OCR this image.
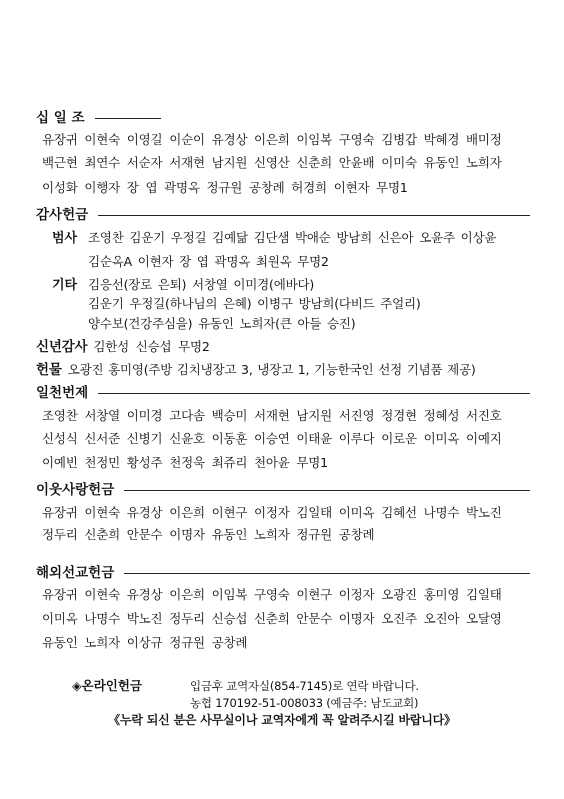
십 일 조
유장귀 이현숙 이영길 이순이 유경상 이은희 이임복 구영숙 김병갑 박혜경 배미정
백근현 최연수 서순자 서재현 남지원 신영산 신춘희 안윤배 이미숙 유동인 노희자
이성화 이행자 장 엽 곽명옥 정규원 공창례 허경희 이현자 무명1
감사헌금
범사 조영찬 김운기 우정길 김예닮 김단샘 박애순 방남희 신은아 오윤주 이상윤
김순옥A 이현자 장 엽 곽명옥 최원옥 무명2
기타 김응선(장로 은퇴) 서창열 이미경(에바다)
김운기 우정길(하나님의 은혜) 이병구 방남희(다비드 주얼리)
양수보(건강주심을) 유동인 노희자(큰 아들 승진)
신년감사 김한성 신승섭 무명2
헌물 오광진 홍미영(주방 김치냉장고 3, 냉장고 1, 기능한국인 선정 기념품 제공)
일천번제
조영찬 서창열 이미경 고다솜 백승미 서재현 남지원 서진영 정경현 정혜성 서진호
신성식 신서준 신병기 신윤호 이동훈 이승연 이태윤 이루다 이로운 이미옥 이예지
이예빈 천정민 황성주 천정욱 최쥬리 천아윤 무명1
이웃사랑헌금
유장귀 이현숙 유경상 이은희 이현구 이정자 김일태 이미옥 김혜선 나명수 박노진
정두리 신춘희 안문수 이명자 유동인 노희자 정규원 공창례
해외선교헌금
유장귀 이현숙 유경상 이은희 이임복 구영숙 이현구 이정자 오광진 홍미영 김일태
이미옥 나명수 박노진 정두리 신승섭 신춘희 안문수 이명자 오진주 오진아 오달영
유동인 노희자 이상규 정규원 공창례
◈온라인헌금	입금후 교역자실(854-7145)로 연락 바랍니다.
농협 170192-51-008033 (예금주: 남도교회)
《누락 되신 분은 사무실이나 교역자에게 꼭 알려주시길 바랍니다》
